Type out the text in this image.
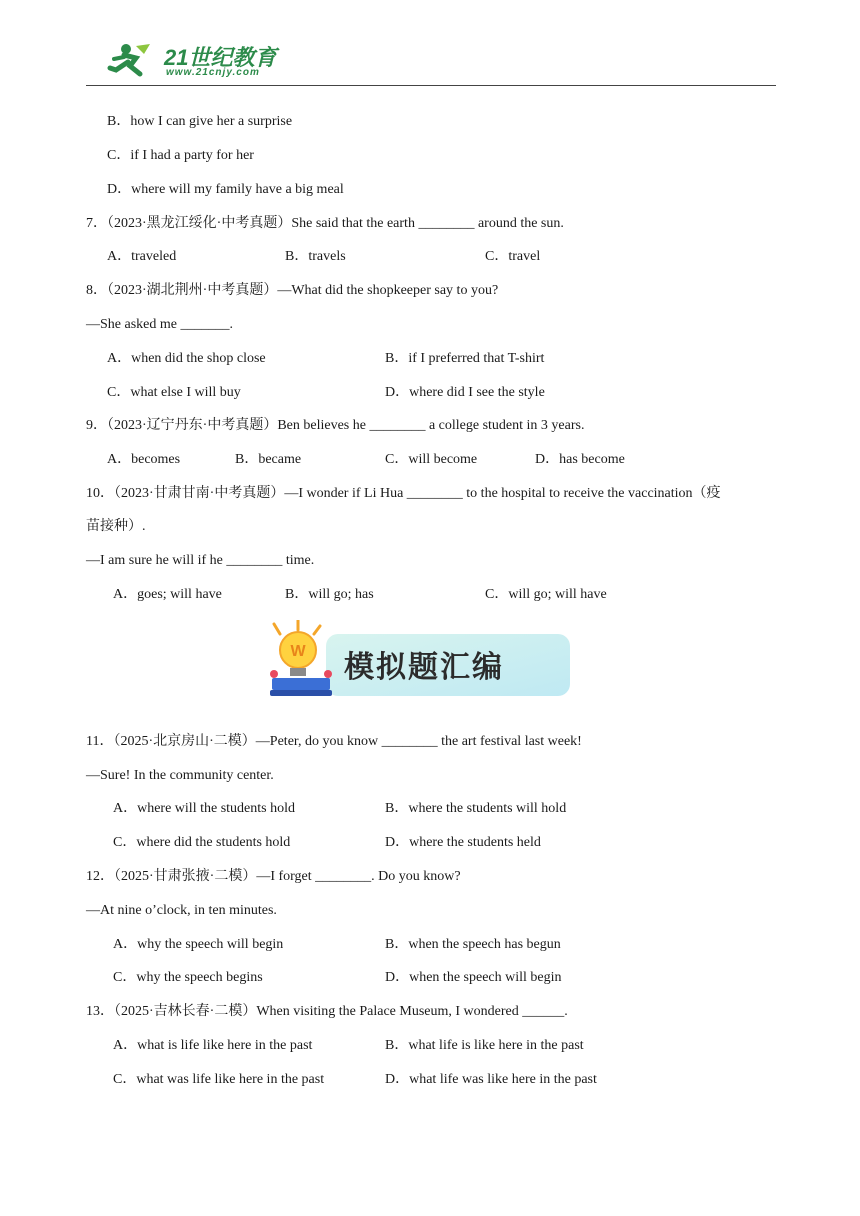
21世纪教育
www.21cnjy.com
B．how I can give her a surprise
C．if I had a party for her
D．where will my family have a big meal
7．（2023·黑龙江绥化·中考真题）She said that the earth ________ around the sun.
A．traveled	B．travels	C．travel
8．（2023·湖北荆州·中考真题）—What did the shopkeeper say to you?
—She asked me _______.
A．when did the shop close	B．if I preferred that T-shirt
C．what else I will buy	D．where did I see the style
9．（2023·辽宁丹东·中考真题）Ben believes he ________ a college student in 3 years.
A．becomes	B．became	C．will become	D．has become
10．（2023·甘肃甘南·中考真题）—I wonder if Li Hua ________ to the hospital to receive the vaccination（疫
苗接种）.
—I am sure he will if he ________ time.
A．goes; will have	B．will go; has	C．will go; will have
W 模拟题汇编
11．（2025·北京房山·二模）—Peter, do you know ________ the art festival last week!
—Sure! In the community center.
A．where will the students hold	B．where the students will hold
C．where did the students hold	D．where the students held
12．（2025·甘肃张掖·二模）—I forget ________. Do you know?
—At nine o’clock, in ten minutes.
A．why the speech will begin	B．when the speech has begun
C．why the speech begins	D．when the speech will begin
13．（2025·吉林长春·二模）When visiting the Palace Museum, I wondered ______.
A．what is life like here in the past	B．what life is like here in the past
C．what was life like here in the past	D．what life was like here in the past
